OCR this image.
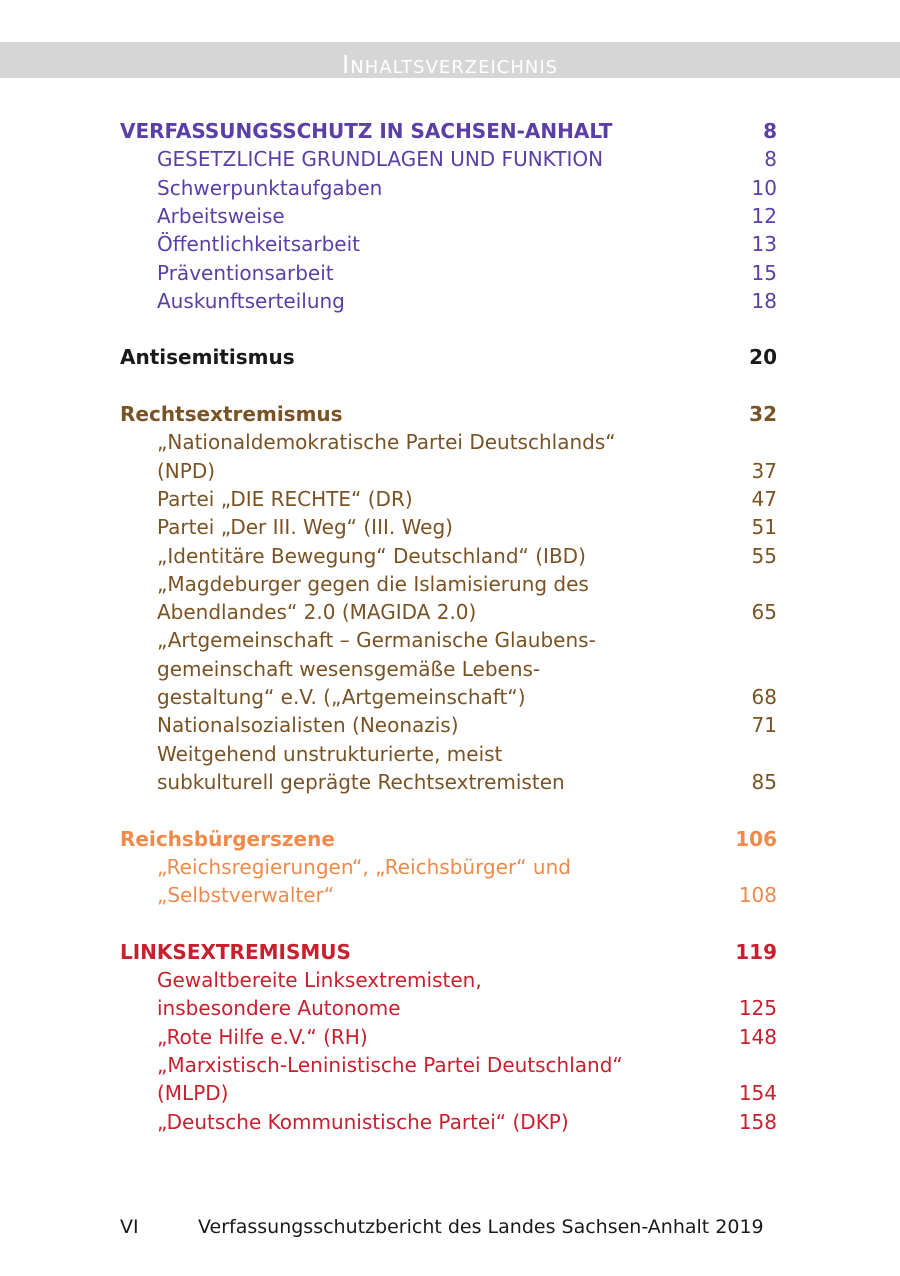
Inhaltsverzeichnis
VERFASSUNGSSCHUTZ IN SACHSEN-ANHALT	8
GESETZLICHE GRUNDLAGEN UND FUNKTION	8
Schwerpunktaufgaben	10
Arbeitsweise	12
Öffentlichkeitsarbeit	13
Präventionsarbeit	15
Auskunftserteilung	18
Antisemitismus	20
Rechtsextremismus	32
„Nationaldemokratische Partei Deutschlands“
(NPD)	37
Partei „DIE RECHTE“ (DR)	47
Partei „Der III. Weg“ (III. Weg)	51
„Identitäre Bewegung“ Deutschland“ (IBD)	55
„Magdeburger gegen die Islamisierung des
Abendlandes“ 2.0 (MAGIDA 2.0)	65
„Artgemeinschaft – Germanische Glaubens-
gemeinschaft wesensgemäße Lebens-
gestaltung“ e.V. („Artgemeinschaft“)	68
Nationalsozialisten (Neonazis)	71
Weitgehend unstrukturierte, meist
subkulturell geprägte Rechtsextremisten	85
Reichsbürgerszene	106
„Reichsregierungen“, „Reichsbürger“ und
„Selbstverwalter“	108
LINKSEXTREMISMUS	119
Gewaltbereite Linksextremisten,
insbesondere Autonome	125
„Rote Hilfe e.V.“ (RH)	148
„Marxistisch-Leninistische Partei Deutschland“
(MLPD)	154
„Deutsche Kommunistische Partei“ (DKP)	158
VI	Verfassungsschutzbericht des Landes Sachsen-Anhalt 2019
